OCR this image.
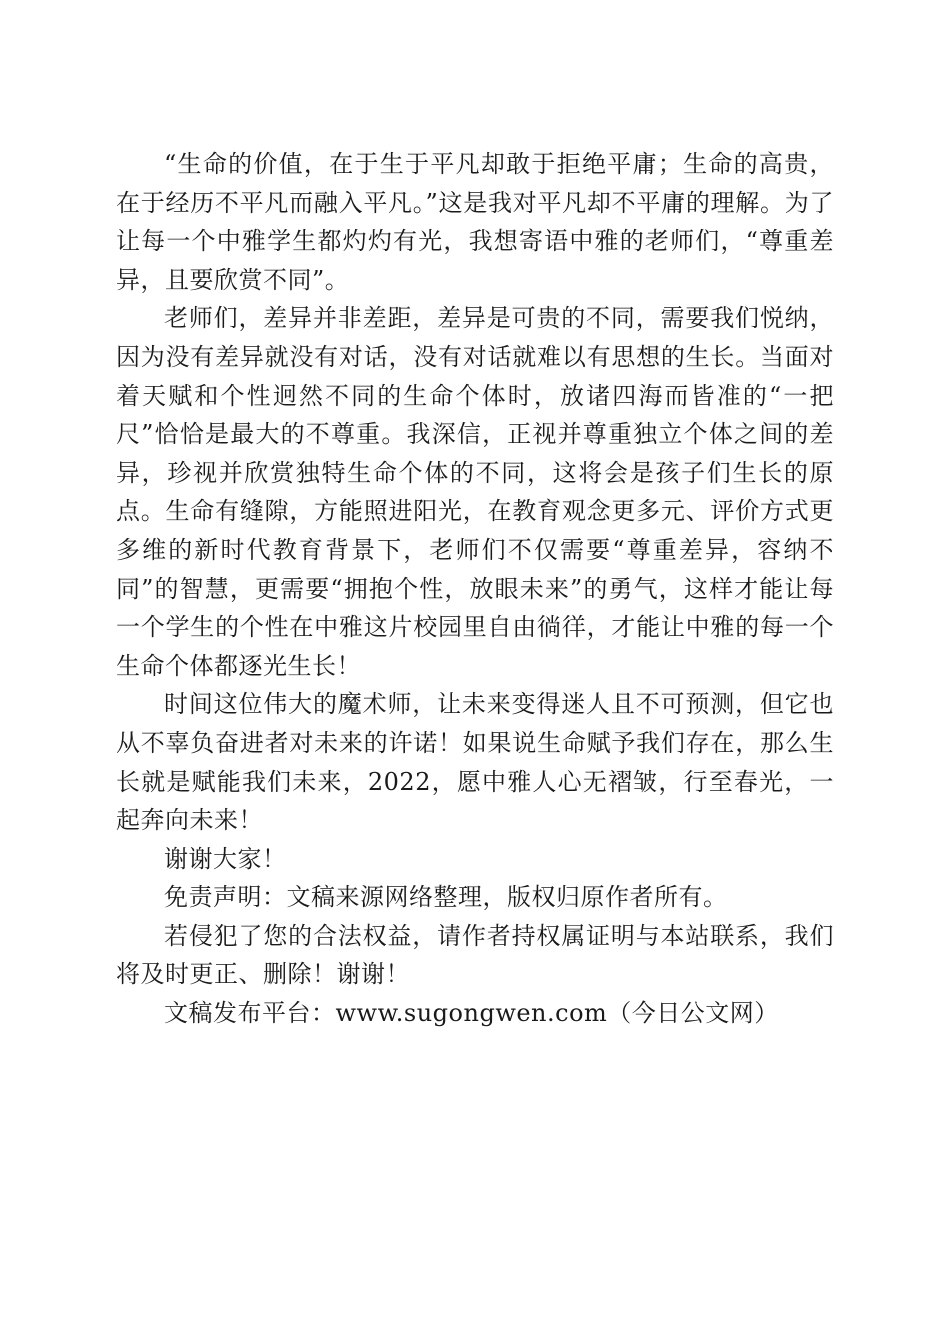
“生命的价值，在于生于平凡却敢于拒绝平庸；生命的高贵，在于经历不平凡而融入平凡。”这是我对平凡却不平庸的理解。为了让每一个中雅学生都灼灼有光，我想寄语中雅的老师们，“尊重差异，且要欣赏不同”。

老师们，差异并非差距，差异是可贵的不同，需要我们悦纳，因为没有差异就没有对话，没有对话就难以有思想的生长。当面对着天赋和个性迥然不同的生命个体时，放诸四海而皆准的“一把尺”恰恰是最大的不尊重。我深信，正视并尊重独立个体之间的差异，珍视并欣赏独特生命个体的不同，这将会是孩子们生长的原点。生命有缝隙，方能照进阳光，在教育观念更多元、评价方式更多维的新时代教育背景下，老师们不仅需要“尊重差异，容纳不同”的智慧，更需要“拥抱个性，放眼未来”的勇气，这样才能让每一个学生的个性在中雅这片校园里自由徜徉，才能让中雅的每一个生命个体都逐光生长！

时间这位伟大的魔术师，让未来变得迷人且不可预测，但它也从不辜负奋进者对未来的许诺！如果说生命赋予我们存在，那么生长就是赋能我们未来，2022，愿中雅人心无褶皱，行至春光，一起奔向未来！

谢谢大家！

免责声明：文稿来源网络整理，版权归原作者所有。

若侵犯了您的合法权益，请作者持权属证明与本站联系，我们将及时更正、删除！谢谢！

文稿发布平台：www.sugongwen.com（今日公文网）
